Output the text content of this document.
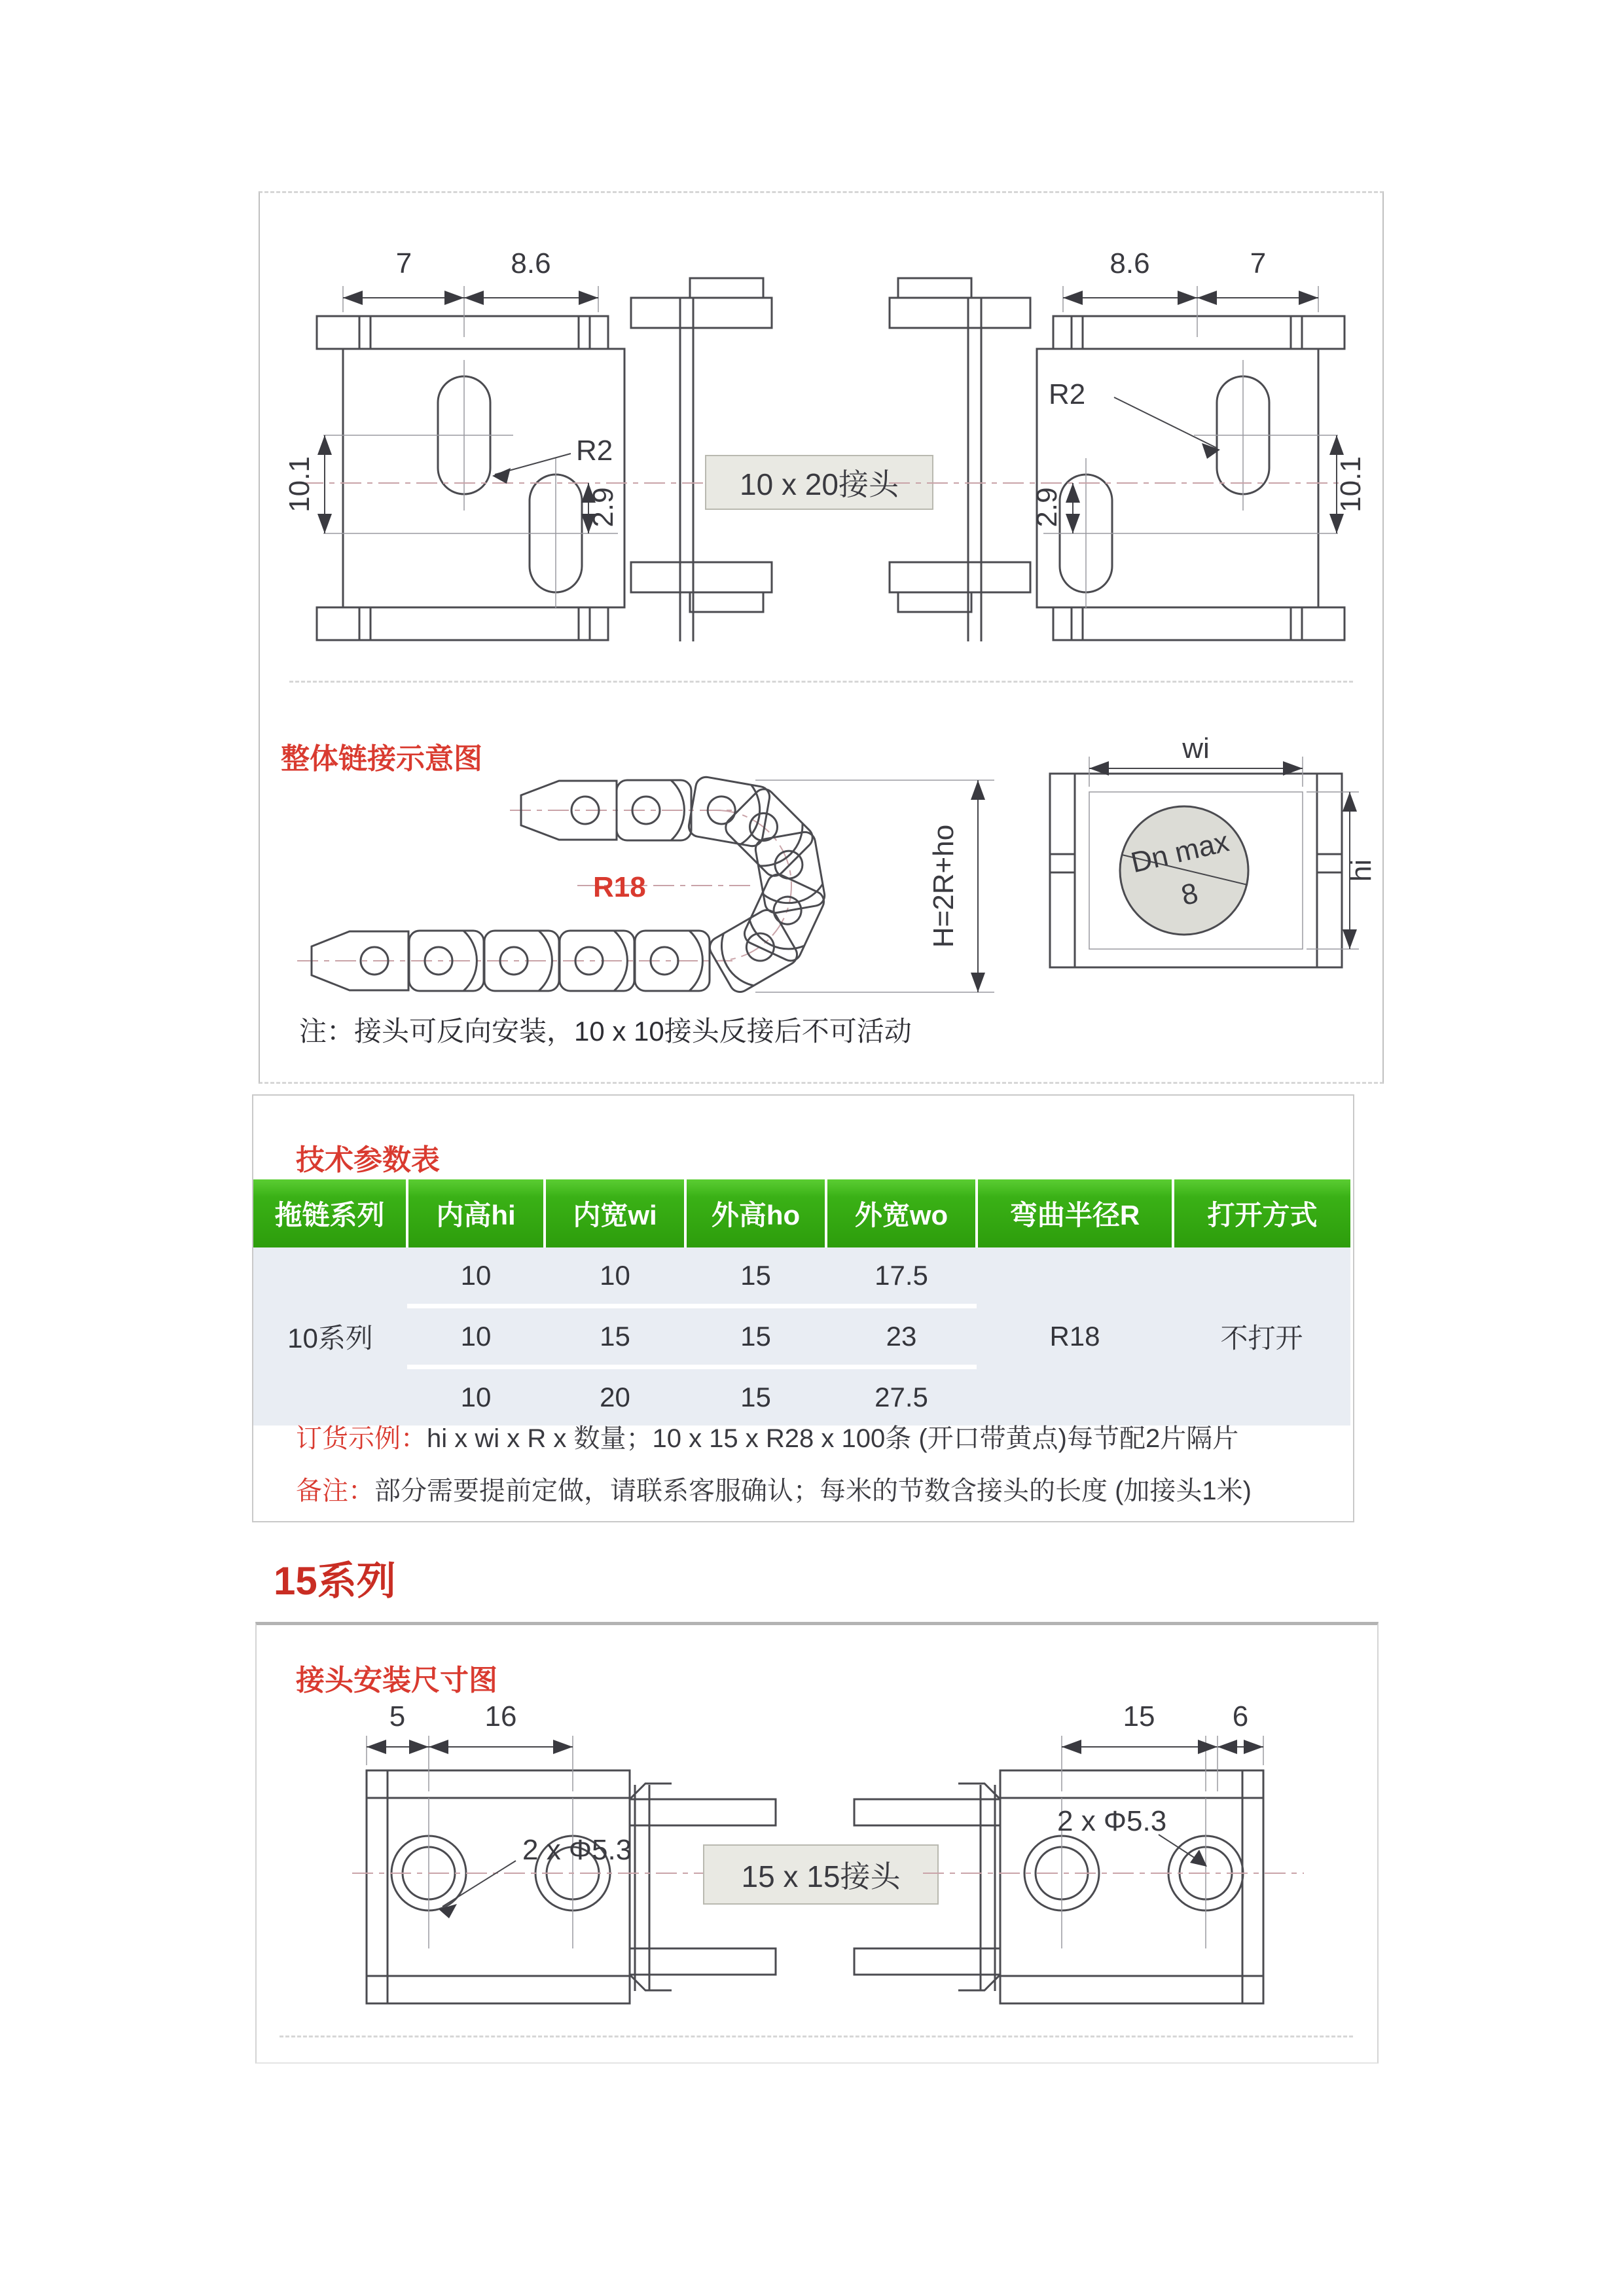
7	8.6
10.1	2.9
R2
10 x 20接头
8.6	7
10.1
2.9
R2
整体链接示意图
H=2R+ho
R18
Dn max
8
wi
hi

注：接头可反向安装，10 x 10接头反接后不可活动

技术参数表
拖链系列	内高hi	内宽wi	外高ho	外宽wo	弯曲半径R	打开方式
10系列	10	10	15	17.5	R18	不打开
	10	15	15	23		
	10	20	15	27.5		

订货示例：hi x wi x R x 数量；10 x 15 x R28 x 100条 (开口带黄点)每节配2片隔片

备注：部分需要提前定做，请联系客服确认；每米的节数含接头的长度 (加接头1米)

15系列
接头安装尺寸图
5	16
2 x Φ5.3
15 x 15接头
15	6
2 x Φ5.3
